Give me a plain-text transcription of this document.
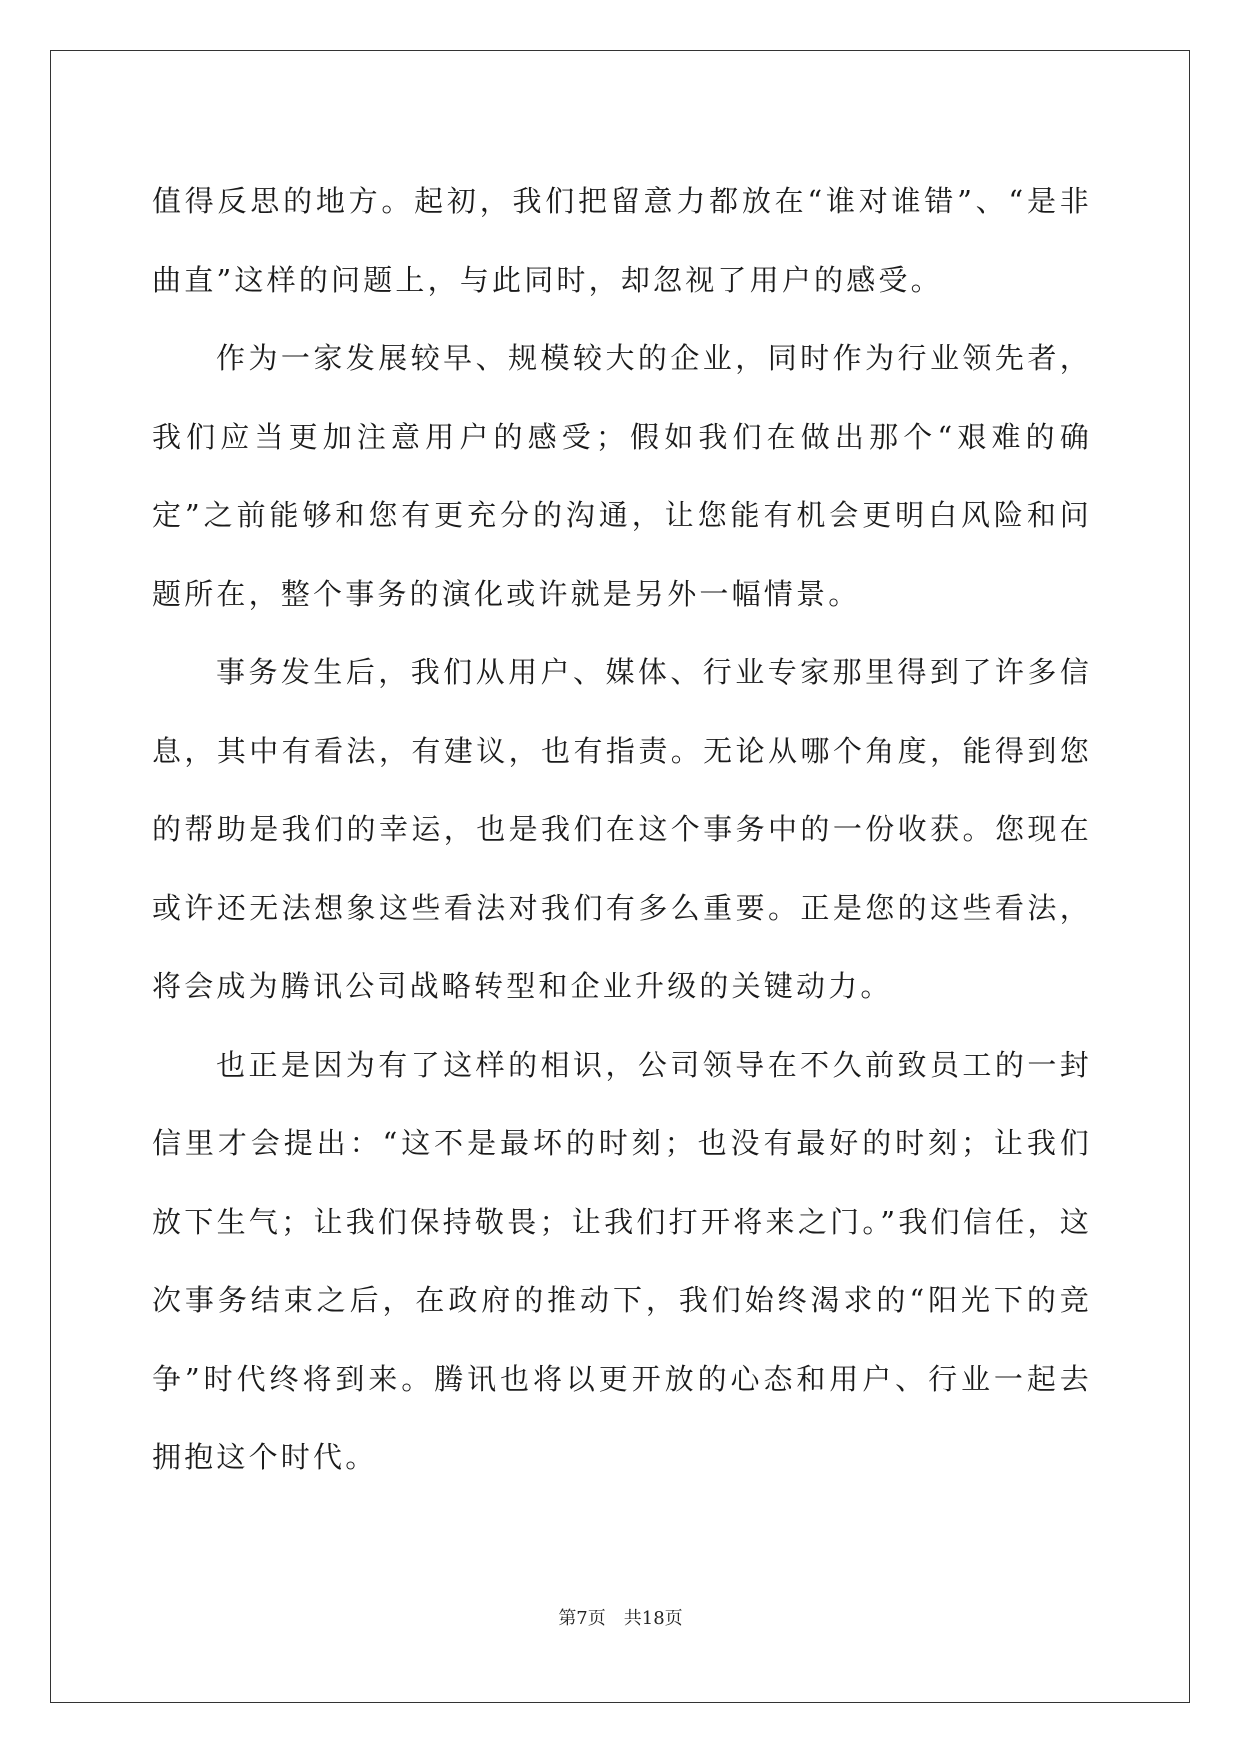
值得反思的地方。起初，我们把留意力都放在“谁对谁错”、“是非曲直”这样的问题上，与此同时，却忽视了用户的感受。

作为一家发展较早、规模较大的企业，同时作为行业领先者，我们应当更加注意用户的感受；假如我们在做出那个“艰难的确定”之前能够和您有更充分的沟通，让您能有机会更明白风险和问题所在，整个事务的演化或许就是另外一幅情景。

事务发生后，我们从用户、媒体、行业专家那里得到了许多信息，其中有看法，有建议，也有指责。无论从哪个角度，能得到您的帮助是我们的幸运，也是我们在这个事务中的一份收获。您现在或许还无法想象这些看法对我们有多么重要。正是您的这些看法，将会成为腾讯公司战略转型和企业升级的关键动力。

也正是因为有了这样的相识，公司领导在不久前致员工的一封信里才会提出：“这不是最坏的时刻；也没有最好的时刻；让我们放下生气；让我们保持敬畏；让我们打开将来之门。”我们信任，这次事务结束之后，在政府的推动下，我们始终渴求的“阳光下的竞争”时代终将到来。腾讯也将以更开放的心态和用户、行业一起去拥抱这个时代。

第7页　共18页
